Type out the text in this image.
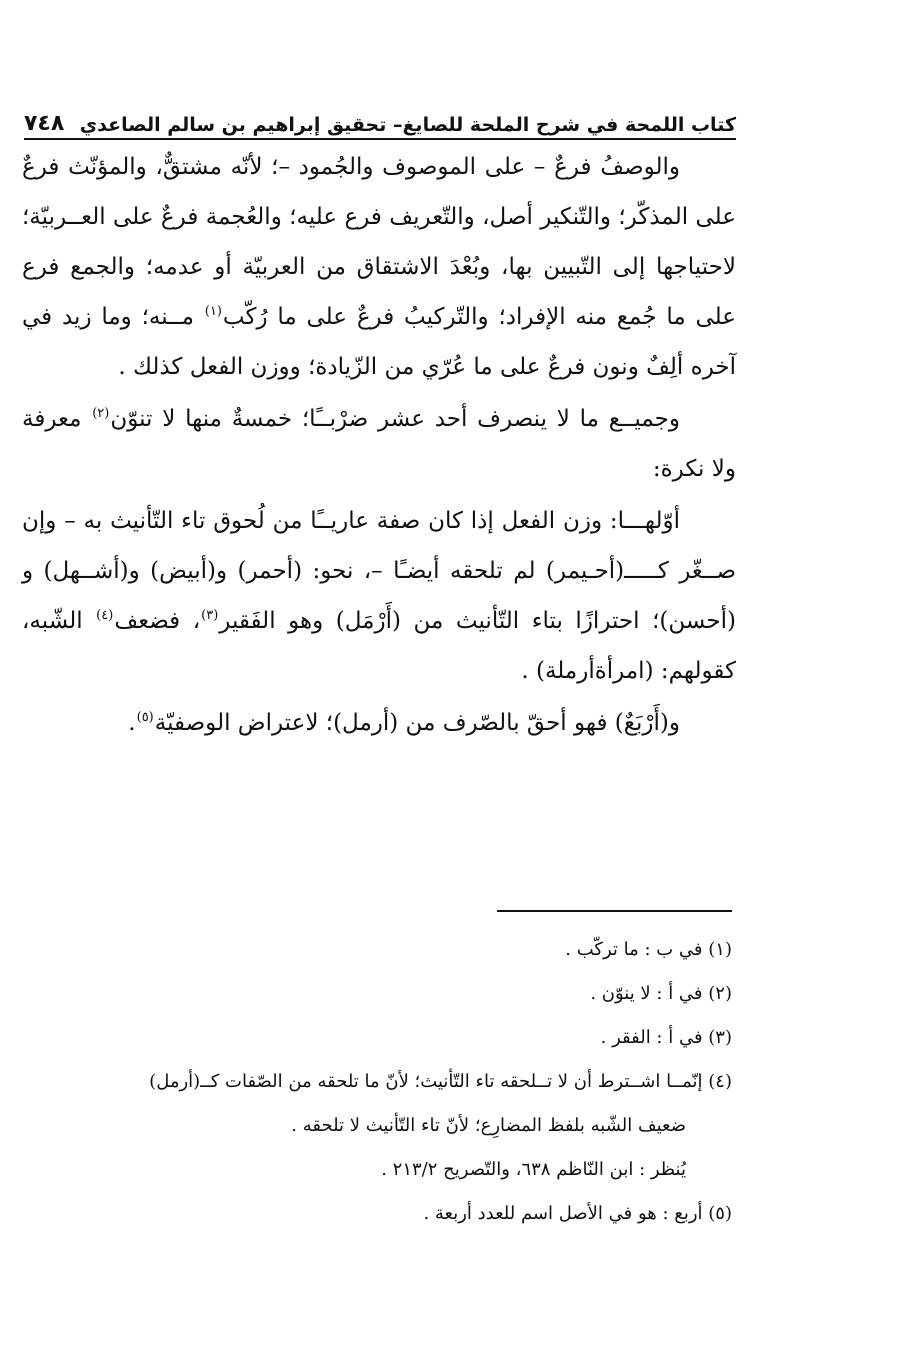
كتاب اللمحة في شرح الملحة للصايغ– تحقيق إبراهيم بن سالم الصاعدي
٧٤٨

والوصفُ فرعٌ – على الموصوف والجُمود –؛ لأنّه مشتقٌّ، والمؤنّث فرعٌ على المذكّر؛ والتّنكير أصل، والتّعريف فرع عليه؛ والعُجمة فرعٌ على العــربيّة؛ لاحتياجها إلى التّبيين بها، وبُعْدَ الاشتقاق من العربيّة أو عدمه؛ والجمع فرع على ما جُمع منه الإفراد؛ والتّركيبُ فرعٌ على ما رُكّب$^{(١)}$ مــنه؛ وما زيد في آخره ألِفٌ ونون فرعٌ على ما عُرّي من الزّيادة؛ ووزن الفعل كذلك .

وجميــع ما لا ينصرف أحد عشر ضرْبــًا؛ خمسةٌ منها لا تنوّن$^{(٢)}$ معرفة ولا نكرة:

أوّلهـــا: وزن الفعل إذا كان صفة عاريــًا من لُحوق تاء التّأنيث به – وإن صــغّر كـــــ(أحـيمر) لم تلحقه أيضـًا –، نحو: (أحمر) و(أبيض) و(أشــهل) و (أحسن)؛ احترازًا بتاء التّأنيث من (أَرْمَل) وهو الفَقير$^{(٣)}$، فضعف$^{(٤)}$ الشّبه، كقولهم: (امرأةأرملة) .

و(أَرْبَعٌ) فهو أحقّ بالصّرف من (أرمل)؛ لاعتراض الوصفيّة$^{(٥)}$.

(١) في ب : ما تركّب .

(٢) في أ : لا ينوّن .

(٣) في أ : الفقر .

(٤) إنّمــا اشــترط أن لا تــلحقه تاء التّأنيث؛ لأنّ ما تلحقه من الصّفات كــ(أرمل)

ضعيف الشّبه بلفظ المضارِع؛ لأنّ تاء التّأنيث لا تلحقه .

يُنظر : ابن النّاظم ٦٣٨، والتّصريح ٢١٣/٢ .

(٥) أربع : هو في الأصل اسم للعدد أربعة .
